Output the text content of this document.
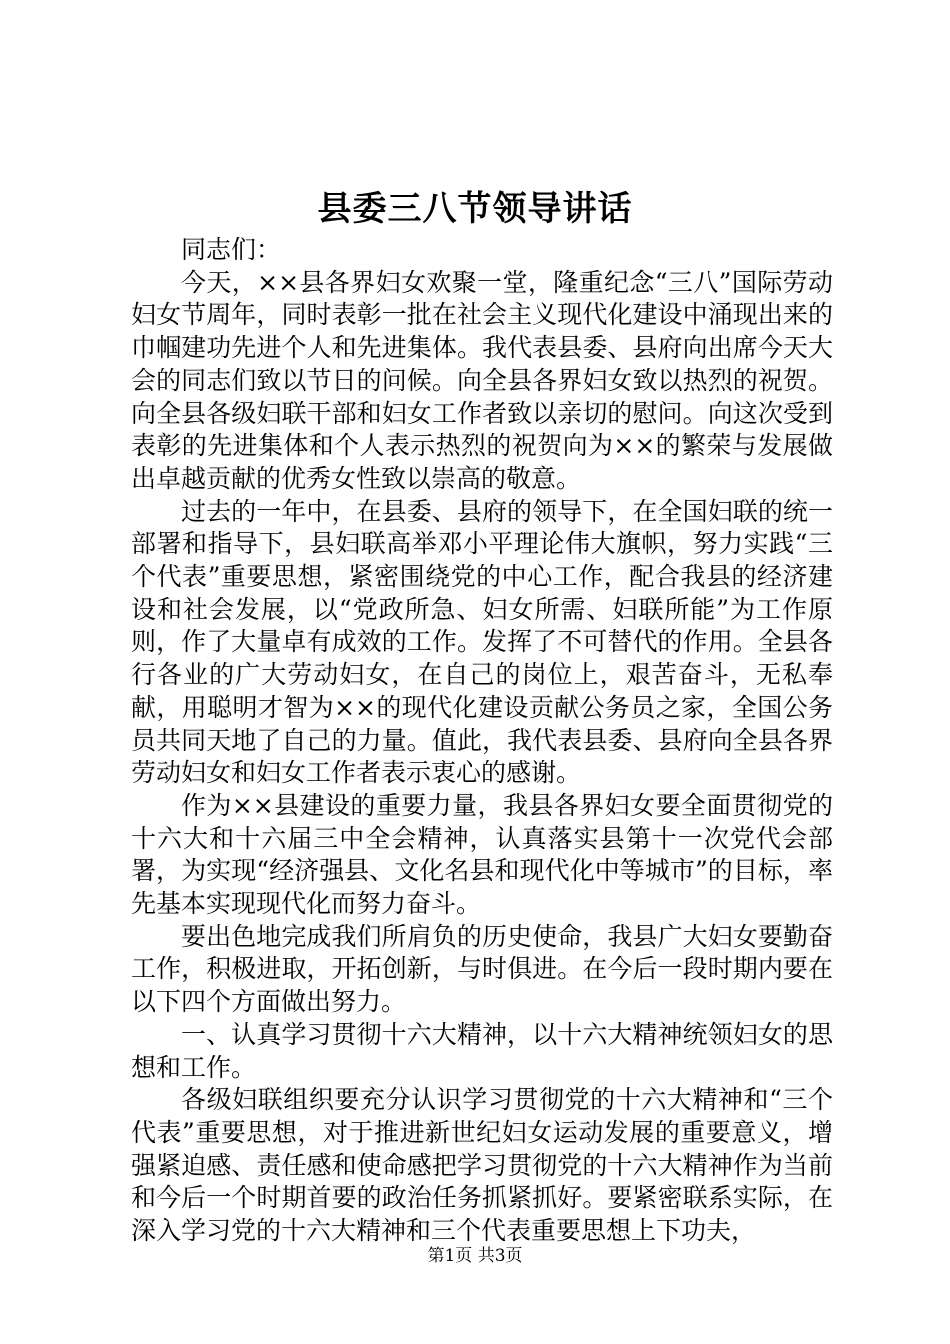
县委三八节领导讲话

同志们：

今天，××县各界妇女欢聚一堂，隆重纪念“三八”国际劳动妇女节周年，同时表彰一批在社会主义现代化建设中涌现出来的巾帼建功先进个人和先进集体。我代表县委、县府向出席今天大会的同志们致以节日的问候。向全县各界妇女致以热烈的祝贺。向全县各级妇联干部和妇女工作者致以亲切的慰问。向这次受到表彰的先进集体和个人表示热烈的祝贺向为××的繁荣与发展做出卓越贡献的优秀女性致以崇高的敬意。

过去的一年中，在县委、县府的领导下，在全国妇联的统一部署和指导下，县妇联高举邓小平理论伟大旗帜，努力实践“三个代表”重要思想，紧密围绕党的中心工作，配合我县的经济建设和社会发展，以“党政所急、妇女所需、妇联所能”为工作原则，作了大量卓有成效的工作。发挥了不可替代的作用。全县各行各业的广大劳动妇女，在自己的岗位上，艰苦奋斗，无私奉献，用聪明才智为××的现代化建设贡献公务员之家，全国公务员共同天地了自己的力量。值此，我代表县委、县府向全县各界劳动妇女和妇女工作者表示衷心的感谢。

作为××县建设的重要力量，我县各界妇女要全面贯彻党的十六大和十六届三中全会精神，认真落实县第十一次党代会部署，为实现“经济强县、文化名县和现代化中等城市”的目标，率先基本实现现代化而努力奋斗。

要出色地完成我们所肩负的历史使命，我县广大妇女要勤奋工作，积极进取，开拓创新，与时俱进。在今后一段时期内要在以下四个方面做出努力。

一、认真学习贯彻十六大精神，以十六大精神统领妇女的思想和工作。

各级妇联组织要充分认识学习贯彻党的十六大精神和“三个代表”重要思想，对于推进新世纪妇女运动发展的重要意义，增强紧迫感、责任感和使命感把学习贯彻党的十六大精神作为当前和今后一个时期首要的政治任务抓紧抓好。要紧密联系实际，在深入学习党的十六大精神和三个代表重要思想上下功夫，

第1页 共3页
